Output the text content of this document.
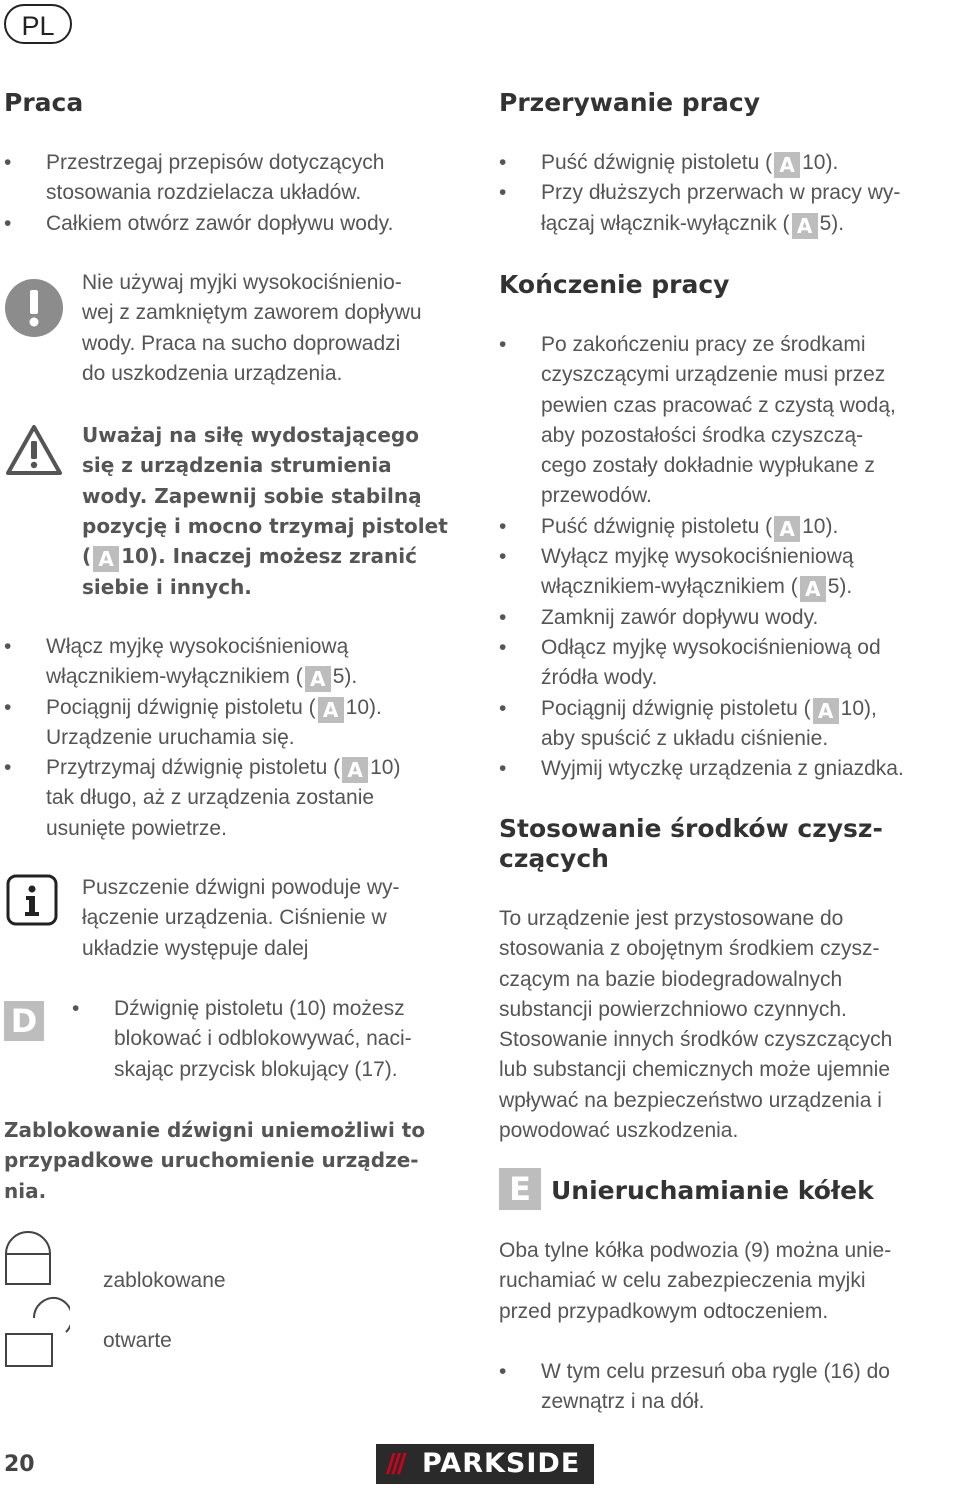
PL
Praca
• Przestrzegaj przepisów dotyczących stosowania rozdzielacza układów.
• Całkiem otwórz zawór dopływu wody.
Nie używaj myjki wysokociśnienio-
wej z zamkniętym zaworem dopływu
wody. Praca na sucho doprowadzi
do uszkodzenia urządzenia.
Uważaj na siłę wydostającego
się z urządzenia strumienia
wody. Zapewnij sobie stabilną
pozycję i mocno trzymaj pistolet
( A 10). Inaczej możesz zranić
siebie i innych.
• Włącz myjkę wysokociśnieniową
włącznikiem-wyłącznikiem ( A 5).
• Pociągnij dźwignię pistoletu ( A 10).
Urządzenie uruchamia się.
• Przytrzymaj dźwignię pistoletu ( A 10)
tak długo, aż z urządzenia zostanie
usunięte powietrze.
Puszczenie dźwigni powoduje wy-
łączenie urządzenia. Ciśnienie w
układzie występuje dalej
D
•	Dźwignię pistoletu (10) możesz
blokować i odblokowywać, naci-
skając przycisk blokujący (17).
Zablokowanie dźwigni uniemożliwi to
przypadkowe uruchomienie urządze-
nia.
zablokowane
otwarte
Przerywanie pracy
• Puść dźwignię pistoletu ( A 10).
• Przy dłuższych przerwach w pracy wy-
łączaj włącznik-wyłącznik ( A 5).
Kończenie pracy
• Po zakończeniu pracy ze środkami
czyszczącymi urządzenie musi przez
pewien czas pracować z czystą wodą,
aby pozostałości środka czyszczą-
cego zostały dokładnie wypłukane z
przewodów.
• Puść dźwignię pistoletu ( A 10).
• Wyłącz myjkę wysokociśnieniową
włącznikiem-wyłącznikiem ( A 5).
• Zamknij zawór dopływu wody.
• Odłącz myjkę wysokociśnieniową od
źródła wody.
• Pociągnij dźwignię pistoletu ( A 10),
aby spuścić z układu ciśnienie.
• Wyjmij wtyczkę urządzenia z gniazdka.
Stosowanie środków czysz-
czących
To urządzenie jest przystosowane do
stosowania z obojętnym środkiem czysz-
czącym na bazie biodegradowalnych
substancji powierzchniowo czynnych.
Stosowanie innych środków czyszczących
lub substancji chemicznych może ujemnie
wpływać na bezpieczeństwo urządzenia i
powodować uszkodzenia.
E Unieruchamianie kółek
Oba tylne kółka podwozia (9) można unie-
ruchamiać w celu zabezpieczenia myjki
przed przypadkowym odtoczeniem.
• W tym celu przesuń oba rygle (16) do
zewnątrz i na dół.
20	/// PARKSIDE
